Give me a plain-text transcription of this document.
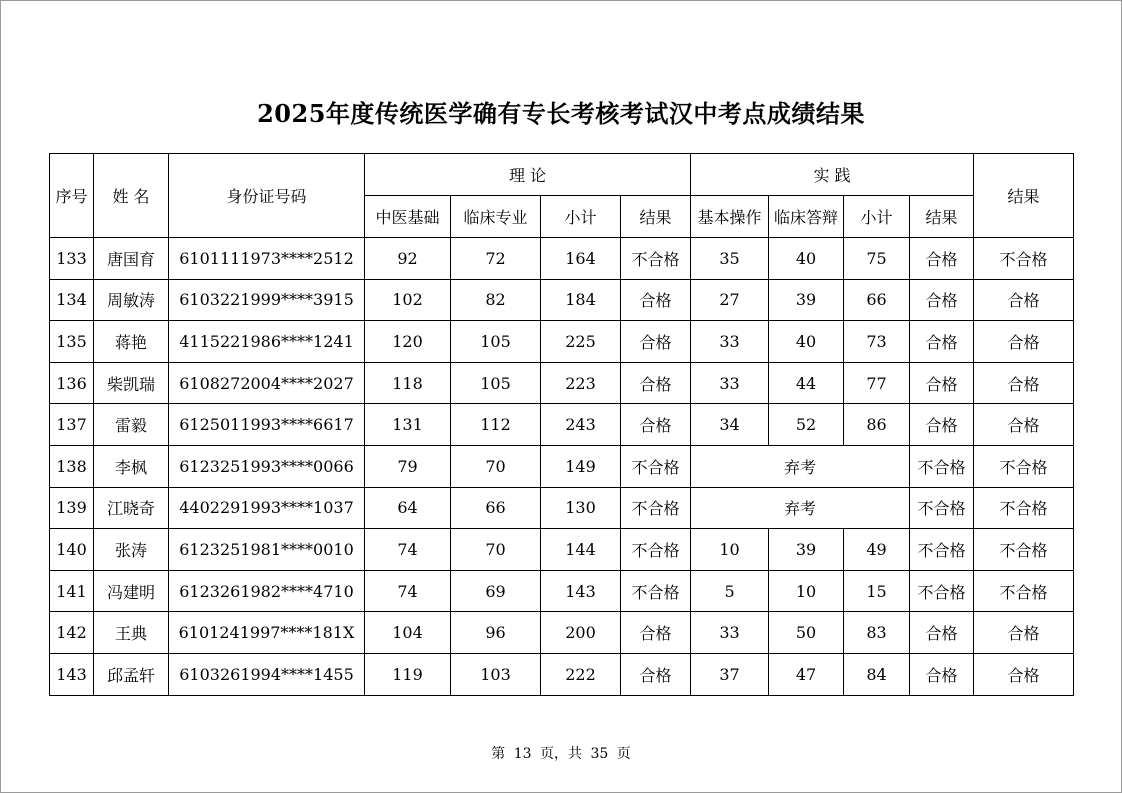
2025年度传统医学确有专长考核考试汉中考点成绩结果
序号	姓 名	身份证号码	理 论				实 践				结果
			中医基础	临床专业	小计	结果	基本操作	临床答辩	小计	结果	
133	唐国育	6101111973****2512	92	72	164	不合格	35	40	75	合格	不合格
134	周敏涛	6103221999****3915	102	82	184	合格	27	39	66	合格	合格
135	蒋艳	4115221986****1241	120	105	225	合格	33	40	73	合格	合格
136	柴凯瑞	6108272004****2027	118	105	223	合格	33	44	77	合格	合格
137	雷毅	6125011993****6617	131	112	243	合格	34	52	86	合格	合格
138	李枫	6123251993****0066	79	70	149	不合格	弃考			不合格	不合格
139	江晓奇	4402291993****1037	64	66	130	不合格	弃考			不合格	不合格
140	张涛	6123251981****0010	74	70	144	不合格	10	39	49	不合格	不合格
141	冯建明	6123261982****4710	74	69	143	不合格	5	10	15	不合格	不合格
142	王典	6101241997****181X	104	96	200	合格	33	50	83	合格	合格
143	邱孟轩	6103261994****1455	119	103	222	合格	37	47	84	合格	合格
第 13 页，共 35 页
